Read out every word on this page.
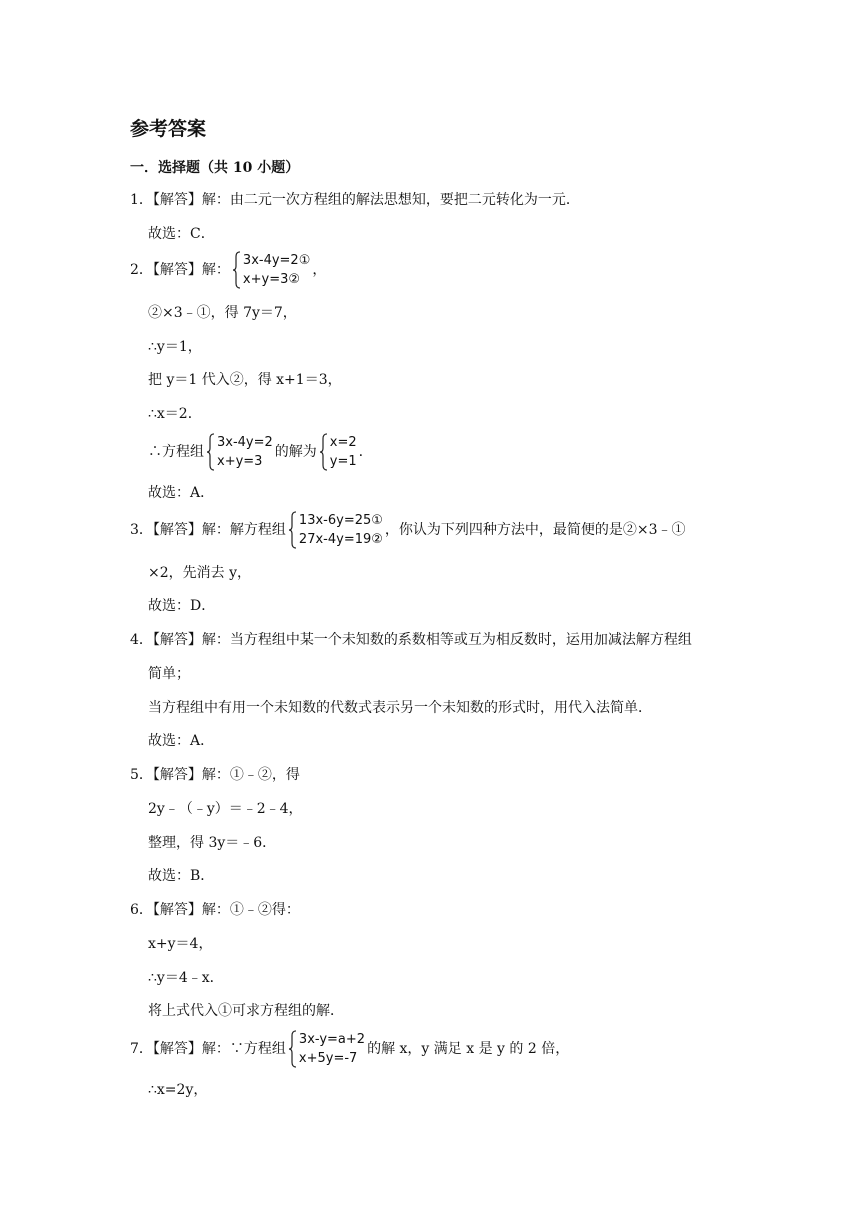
参考答案
一．选择题（共 10 小题）
1．【解答】解：由二元一次方程组的解法思想知，要把二元转化为一元．
故选：C．
2．【解答】解：
3x-4y=2①
x+y=3②
，
②×3﹣①，得 7y＝7，
∴y＝1，
把 y＝1 代入②，得 x+1＝3，
∴x＝2．
∴方程组
3x-4y=2
x+y=3
的解为
x=2
y=1
.
故选：A．
3．【解答】解：解方程组
13x-6y=25①
27x-4y=19②
，你认为下列四种方法中，最简便的是②×3﹣①
×2，先消去 y，
故选：D．
4．【解答】解：当方程组中某一个未知数的系数相等或互为相反数时，运用加减法解方程组
简单；
当方程组中有用一个未知数的代数式表示另一个未知数的形式时，用代入法简单．
故选：A．
5．【解答】解：①﹣②，得
2y﹣（﹣y）＝﹣2﹣4，
整理，得 3y＝﹣6．
故选：B．
6．【解答】解：①﹣②得：
x+y＝4，
∴y＝4﹣x．
将上式代入①可求方程组的解．
7．【解答】解：∵方程组
3x-y=a+2
x+5y=-7
的解 x，y 满足 x 是 y 的 2 倍，
∴x=2y，
